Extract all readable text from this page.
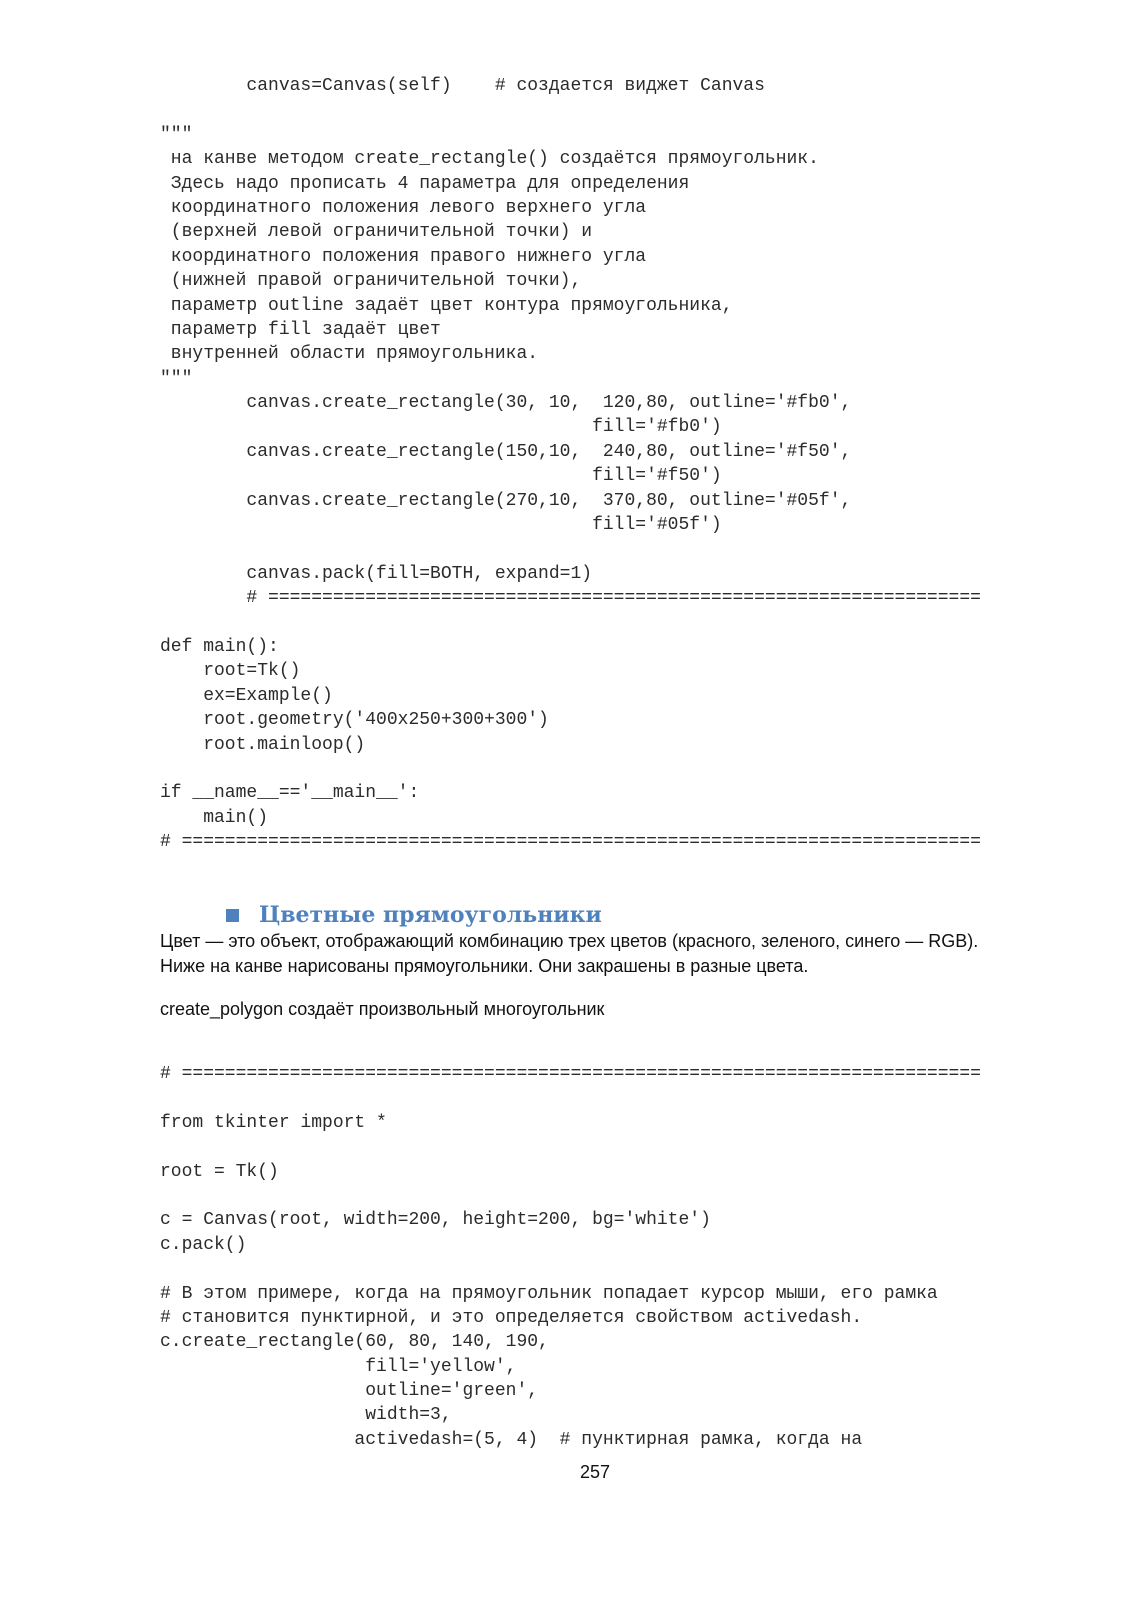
canvas=Canvas(self)    # создается виджет Canvas
"""
на канве методом create_rectangle() создаётся прямоугольник.
Здесь надо прописать 4 параметра для определения
координатного положения левого верхнего угла
(верхней левой ограничительной точки) и
координатного положения правого нижнего угла
(нижней правой ограничительной точки),
параметр outline задаёт цвет контура прямоугольника,
параметр fill задаёт цвет
внутренней области прямоугольника.
"""
canvas.create_rectangle(30, 10,  120,80, outline='#fb0',
fill='#fb0')
canvas.create_rectangle(150,10,  240,80, outline='#f50',
fill='#f50')
canvas.create_rectangle(270,10,  370,80, outline='#05f',
fill='#05f')
canvas.pack(fill=BOTH, expand=1)
# ==================================================================
def main():
root=Tk()
ex=Example()
root.geometry('400x250+300+300')
root.mainloop()
if __name__=='__main__':
main()
# ==========================================================================
Цветные прямоугольники

Цвет — это объект, отображающий комбинацию трех цветов (красного, зеленого, синего — RGB).

Ниже на канве нарисованы прямоугольники. Они закрашены в разные цвета.

create_polygon создаёт произвольный многоугольник

# ==========================================================================
from tkinter import *
root = Tk()
c = Canvas(root, width=200, height=200, bg='white')
c.pack()
# В этом примере, когда на прямоугольник попадает курсор мыши, его рамка
# становится пунктирной, и это определяется свойством activedash.
c.create_rectangle(60, 80, 140, 190,
fill='yellow',
outline='green',
width=3,
activedash=(5, 4)  # пунктирная рамка, когда на
257
